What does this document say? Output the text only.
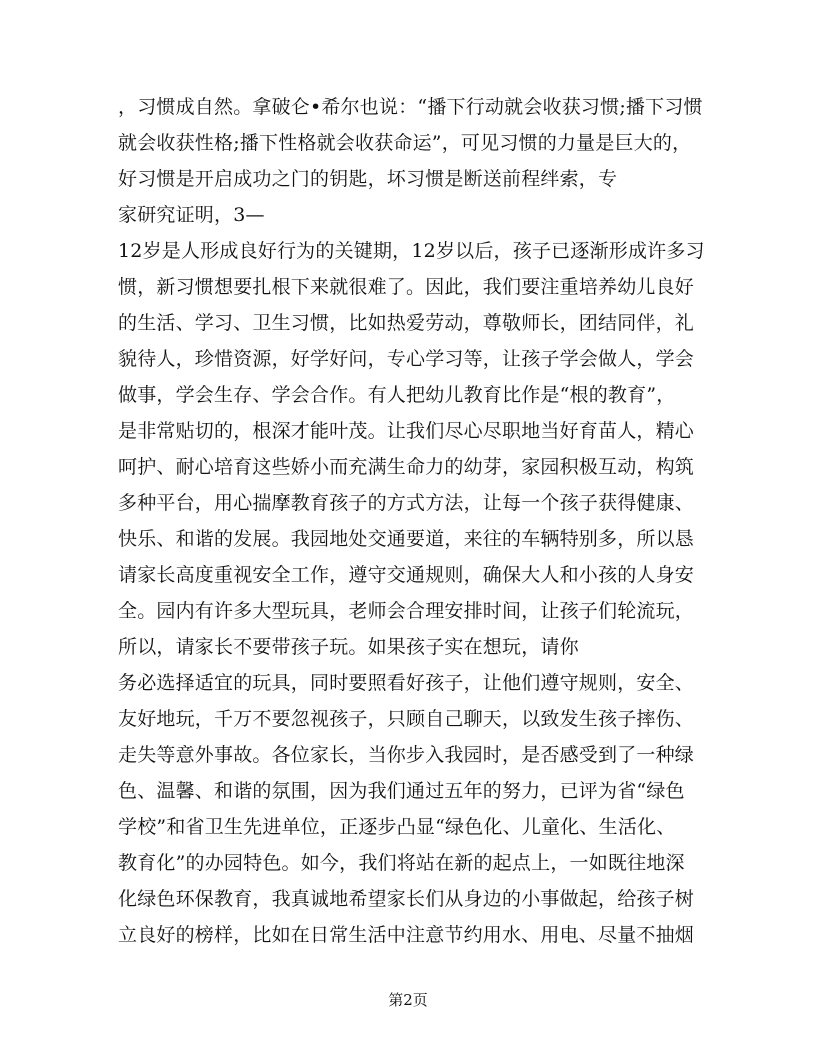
，习惯成自然。拿破仑•希尔也说：“播下行动就会收获习惯;播下习惯
就会收获性格;播下性格就会收获命运”，可见习惯的力量是巨大的，
好习惯是开启成功之门的钥匙，坏习惯是断送前程绊索，专
家研究证明，3—
12岁是人形成良好行为的关键期，12岁以后，孩子已逐渐形成许多习
惯，新习惯想要扎根下来就很难了。因此，我们要注重培养幼儿良好
的生活、学习、卫生习惯，比如热爱劳动，尊敬师长，团结同伴，礼
貌待人，珍惜资源，好学好问，专心学习等，让孩子学会做人，学会
做事，学会生存、学会合作。有人把幼儿教育比作是“根的教育”，
是非常贴切的，根深才能叶茂。让我们尽心尽职地当好育苗人，精心
呵护、耐心培育这些娇小而充满生命力的幼芽，家园积极互动，构筑
多种平台，用心揣摩教育孩子的方式方法，让每一个孩子获得健康、
快乐、和谐的发展。我园地处交通要道，来往的车辆特别多，所以恳
请家长高度重视安全工作，遵守交通规则，确保大人和小孩的人身安
全。园内有许多大型玩具，老师会合理安排时间，让孩子们轮流玩，
所以，请家长不要带孩子玩。如果孩子实在想玩，请你
务必选择适宜的玩具，同时要照看好孩子，让他们遵守规则，安全、
友好地玩，千万不要忽视孩子，只顾自己聊天，以致发生孩子摔伤、
走失等意外事故。各位家长，当你步入我园时，是否感受到了一种绿
色、温馨、和谐的氛围，因为我们通过五年的努力，已评为省“绿色
学校”和省卫生先进单位，正逐步凸显“绿色化、儿童化、生活化、
教育化”的办园特色。如今，我们将站在新的起点上，一如既往地深
化绿色环保教育，我真诚地希望家长们从身边的小事做起，给孩子树
立良好的榜样，比如在日常生活中注意节约用水、用电、尽量不抽烟
第2页
